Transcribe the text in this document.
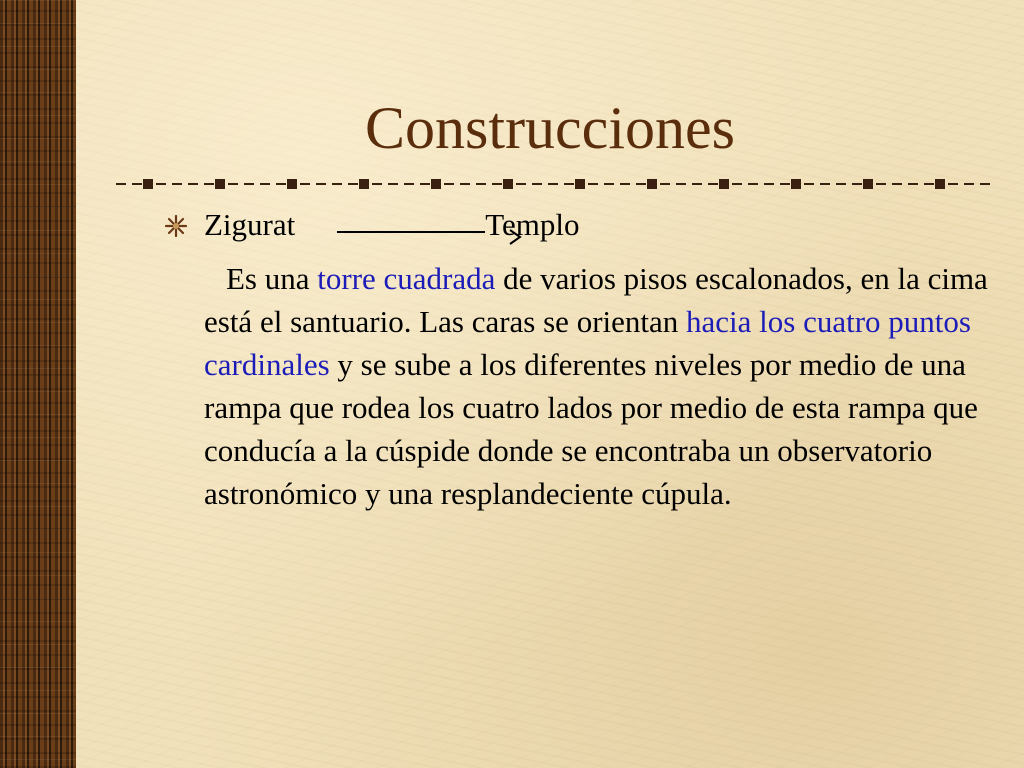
Construcciones
Zigurat	Templo
Es una torre cuadrada de varios pisos escalonados, en la cima está el santuario. Las caras se orientan hacia los cuatro puntos cardinales y se sube a los diferentes niveles por medio de una rampa que rodea los cuatro lados por medio de esta rampa que conducía a la cúspide donde se encontraba un observatorio astronómico y una resplandeciente cúpula.
